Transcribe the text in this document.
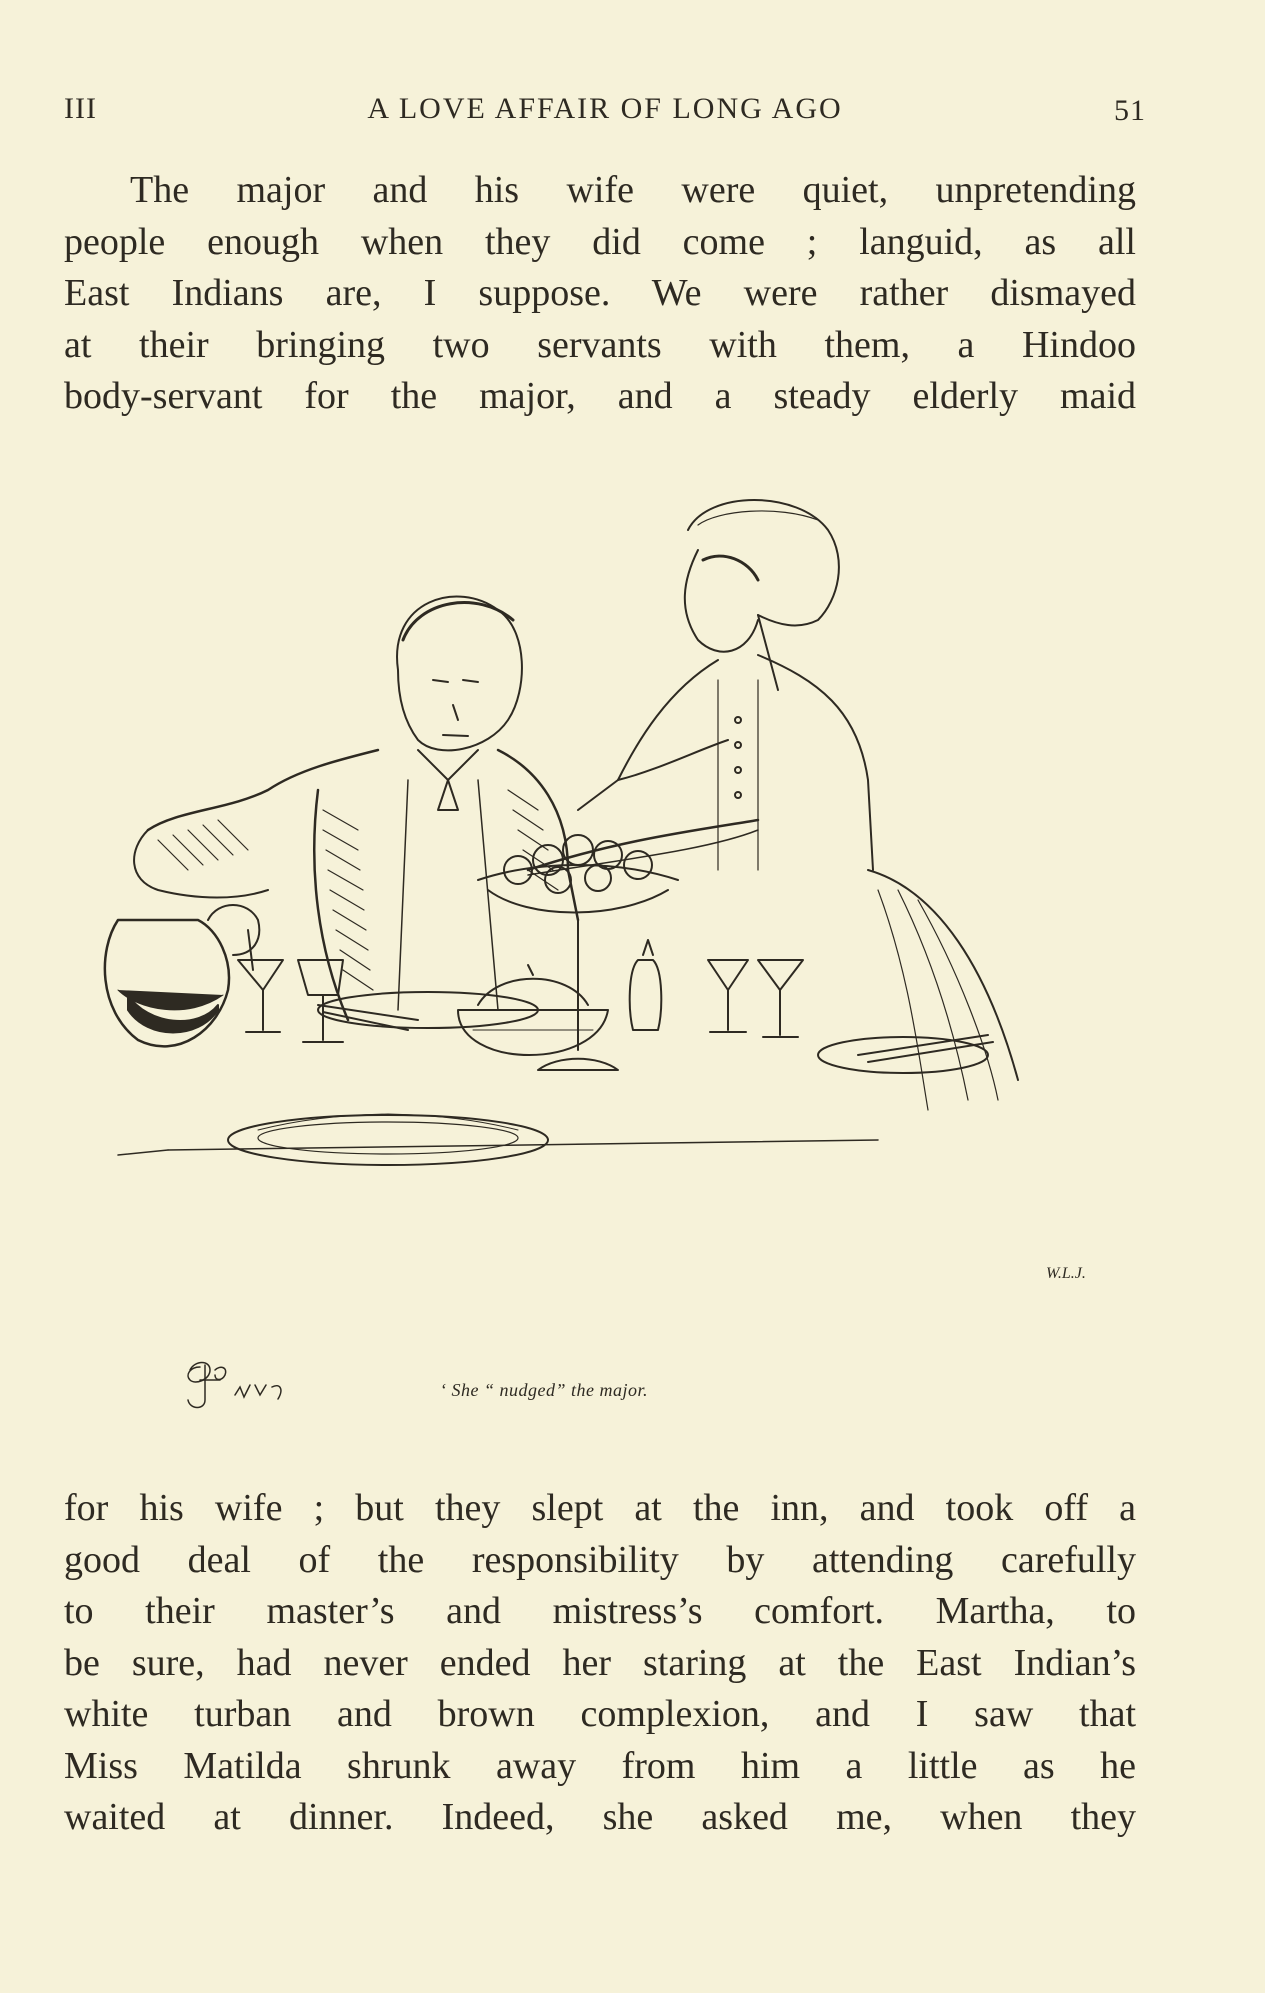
III	A LOVE AFFAIR OF LONG AGO	51
The major and his wife were quiet, unpretending
people enough when they did come ; languid, as all
East Indians are, I suppose. We were rather dismayed
at their bringing two servants with them, a Hindoo
body-servant for the major, and a steady elderly maid
‘ She “ nudged” the major.
W.L.J.
for his wife ; but they slept at the inn, and took off a
good deal of the responsibility by attending carefully
to their master’s and mistress’s comfort. Martha, to
be sure, had never ended her staring at the East Indian’s
white turban and brown complexion, and I saw that
Miss Matilda shrunk away from him a little as he
waited at dinner. Indeed, she asked me, when they
